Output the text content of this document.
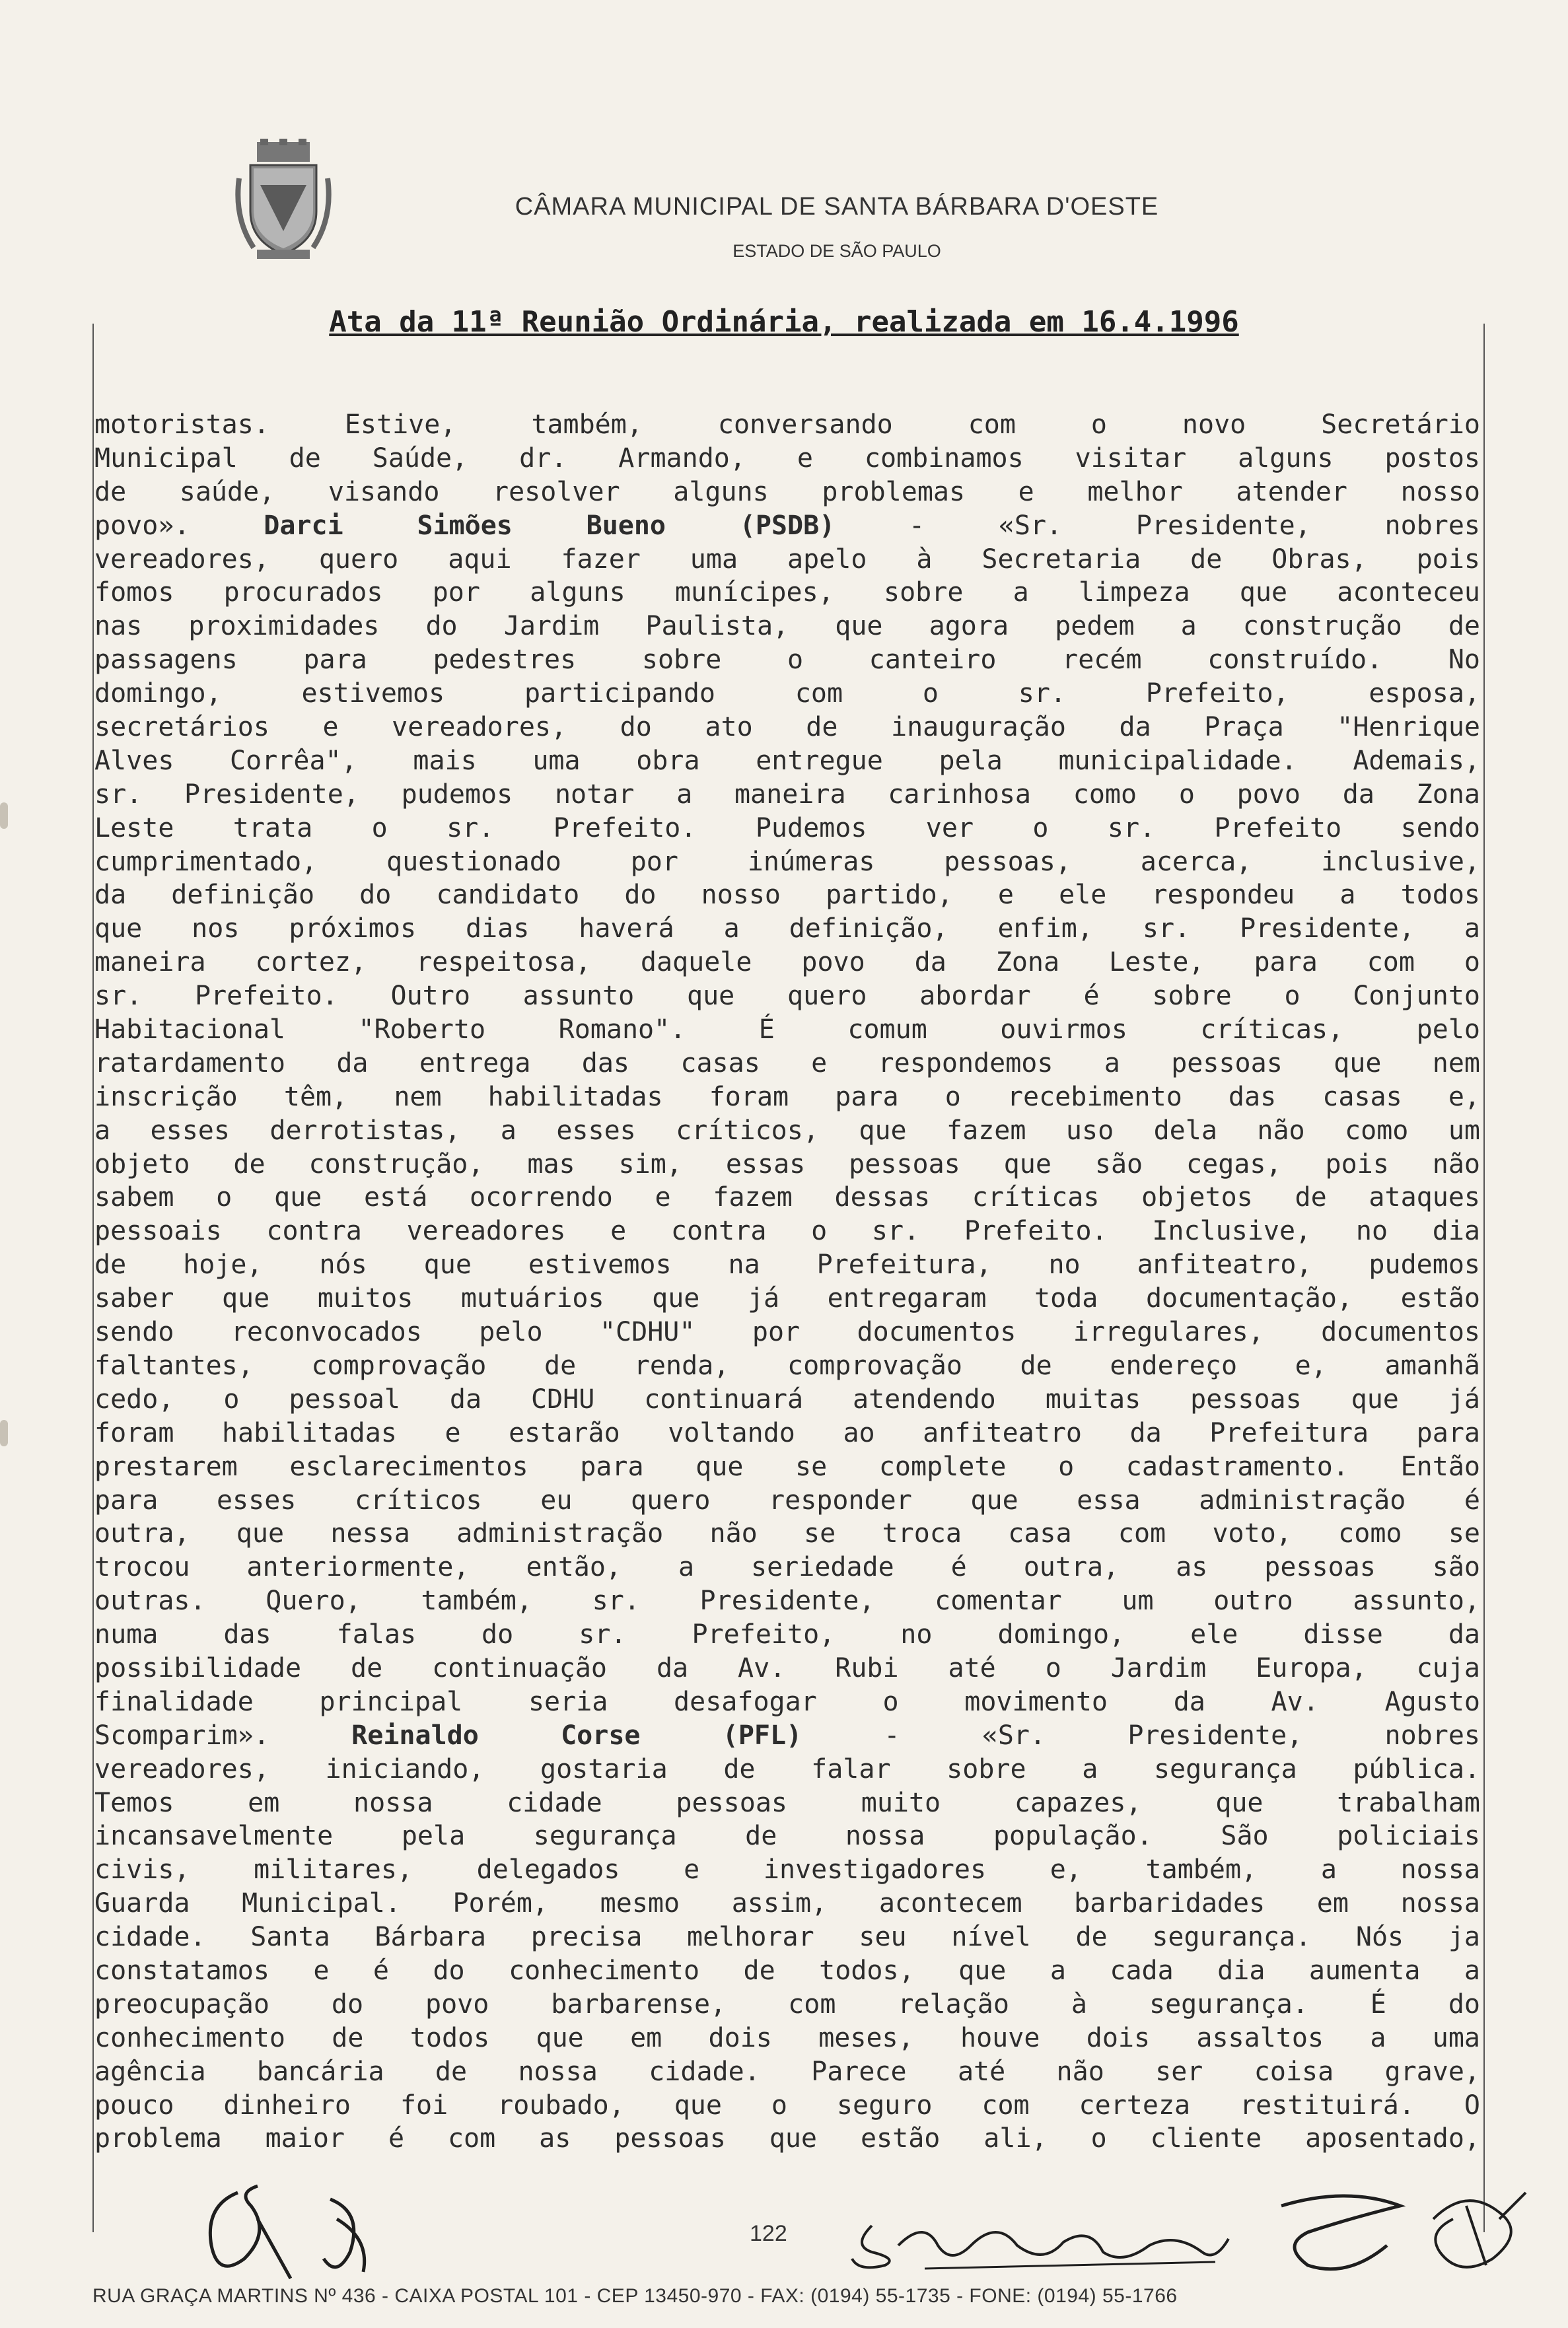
CÂMARA MUNICIPAL DE SANTA BÁRBARA D'OESTE
ESTADO DE SÃO PAULO
Ata da 11ª Reunião Ordinária, realizada em 16.4.1996
motoristas. Estive, também, conversando com o novo Secretário
Municipal de Saúde, dr. Armando, e combinamos visitar alguns postos
de saúde, visando resolver alguns problemas e melhor atender nosso
povo». Darci Simões Bueno (PSDB) - «Sr. Presidente, nobres
vereadores, quero aqui fazer uma apelo à Secretaria de Obras, pois
fomos procurados por alguns munícipes, sobre a limpeza que aconteceu
nas proximidades do Jardim Paulista, que agora pedem a construção de
passagens para pedestres sobre o canteiro recém construído. No
domingo, estivemos participando com o sr. Prefeito, esposa,
secretários e vereadores, do ato de inauguração da Praça "Henrique
Alves Corrêa", mais uma obra entregue pela municipalidade. Ademais,
sr. Presidente, pudemos notar a maneira carinhosa como o povo da Zona
Leste trata o sr. Prefeito. Pudemos ver o sr. Prefeito sendo
cumprimentado, questionado por inúmeras pessoas, acerca, inclusive,
da definição do candidato do nosso partido, e ele respondeu a todos
que nos próximos dias haverá a definição, enfim, sr. Presidente, a
maneira cortez, respeitosa, daquele povo da Zona Leste, para com o
sr. Prefeito. Outro assunto que quero abordar é sobre o Conjunto
Habitacional "Roberto Romano". É comum ouvirmos críticas, pelo
ratardamento da entrega das casas e respondemos a pessoas que nem
inscrição têm, nem habilitadas foram para o recebimento das casas e,
a esses derrotistas, a esses críticos, que fazem uso dela não como um
objeto de construção, mas sim, essas pessoas que são cegas, pois não
sabem o que está ocorrendo e fazem dessas críticas objetos de ataques
pessoais contra vereadores e contra o sr. Prefeito. Inclusive, no dia
de hoje, nós que estivemos na Prefeitura, no anfiteatro, pudemos
saber que muitos mutuários que já entregaram toda documentação, estão
sendo reconvocados pelo "CDHU" por documentos irregulares, documentos
faltantes, comprovação de renda, comprovação de endereço e, amanhã
cedo, o pessoal da CDHU continuará atendendo muitas pessoas que já
foram habilitadas e estarão voltando ao anfiteatro da Prefeitura para
prestarem esclarecimentos para que se complete o cadastramento. Então
para esses críticos eu quero responder que essa administração é
outra, que nessa administração não se troca casa com voto, como se
trocou anteriormente, então, a seriedade é outra, as pessoas são
outras. Quero, também, sr. Presidente, comentar um outro assunto,
numa das falas do sr. Prefeito, no domingo, ele disse da
possibilidade de continuação da Av. Rubi até o Jardim Europa, cuja
finalidade principal seria desafogar o movimento da Av. Agusto
Scomparim». Reinaldo Corse (PFL) - «Sr. Presidente, nobres
vereadores, iniciando, gostaria de falar sobre a segurança pública.
Temos em nossa cidade pessoas muito capazes, que trabalham
incansavelmente pela segurança de nossa população. São policiais
civis, militares, delegados e investigadores e, também, a nossa
Guarda Municipal. Porém, mesmo assim, acontecem barbaridades em nossa
cidade. Santa Bárbara precisa melhorar seu nível de segurança. Nós ja
constatamos e é do conhecimento de todos, que a cada dia aumenta a
preocupação do povo barbarense, com relação à segurança. É do
conhecimento de todos que em dois meses, houve dois assaltos a uma
agência bancária de nossa cidade. Parece até não ser coisa grave,
pouco dinheiro foi roubado, que o seguro com certeza restituirá. O
problema maior é com as pessoas que estão ali, o cliente aposentado,
122
RUA GRAÇA MARTINS Nº 436 - CAIXA POSTAL 101 - CEP 13450-970 - FAX: (0194) 55-1735 - FONE: (0194) 55-1766
